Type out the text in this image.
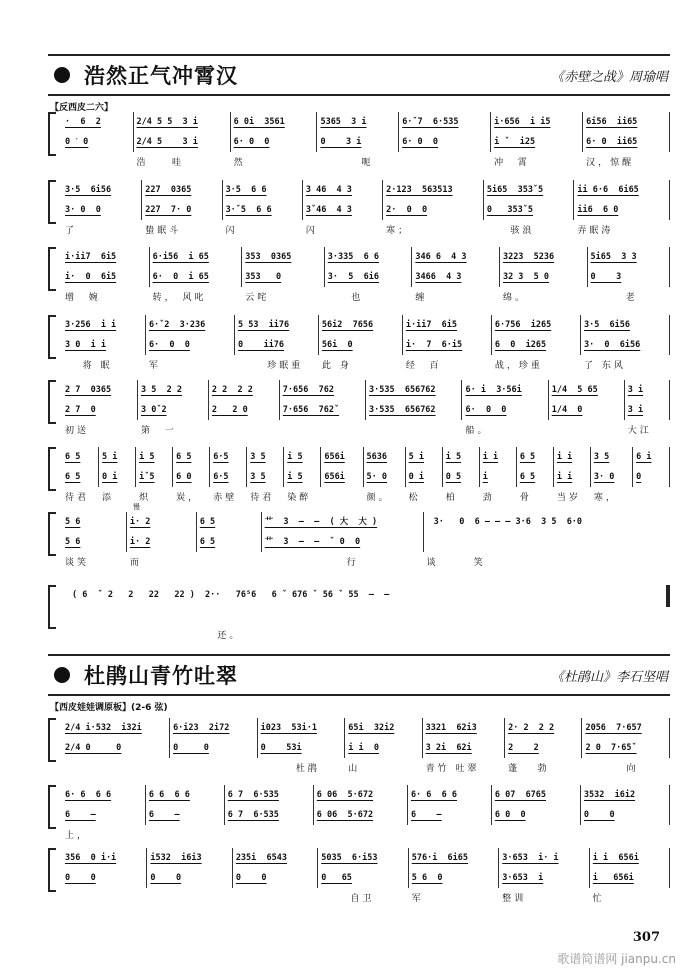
浩然正气冲霄汉	《赤壁之战》周瑜唱
【反西皮二六】
·  6  2
0 ˊ 0
2/4 5 5  3 i
2/4 5    3 i
浩    哇
6 0i  3561
6· 0  0
然
5365  3 i
0    3 i
呃
6·ˇ7  6·535
6· 0  0
i·656  i i5
i ˇ  i25
冲  霄
6i56  ii65
6· 0  ii65
汉，惊醒
3·5  6i56
3· 0  0
了
227  0365
227  7· 0
蛰眠斗
3·5  6 6
3·ˇ5  6 6
闪
3 46  4 3
3ˇ46  4 3
闪
2·123  563513
2·  0  0
寒；
5i65  353ˇ5
0   353ˇ5
骇浪
ii 6·6  6i65
ii6  6 0
弄眠涛
i·ii7  6i5
i·  0  6i5
增  婉
6·i56  i 65
6·  0  i 65
转， 风叱
353  0365
353   0
云咤
3·335  6 6
3·  5  6i6
也
346 6  4 3
3466  4 3
缠
3223  5236
32 3  5 0
绵。
5i65  3 3
0    3
老
3·256  i i
3 0  i i
将 眠
6·ˇ2  3·236
6·  0  0
军
5 53  ii76
0    ii76
珍眠重
56i2  7656
56i  0
此 身
i·ii7  6i5
i·  7  6·i5
经  百
6·756  i265
6  0  i265
战，珍重
3·5  6i56
3·  0  6i56
了 东风
2 7  0365
2 7  0
初送
3 5  2 2
3 0ˇ2
第  一
2 2  2 2
2   2 0
7·656  762
7·656  762ˇ
3·535  656762
3·535  656762
6· i  3·56i
6·  0  0
船。
1/4  5 65
1/4  0
3 i
3 i
大江
6 5
6 5
待君
5 i
0 i
添
i 5
iˇ5
炽
6 5
6 0
炭，
6·5
6·5
赤壁
3 5
3 5
待君
i 5
i 5
染醉
656i
656i
5636
5· 0
颜。
5 i
0 i
松
i 5
0 5
柏
i i
i
劲
6 5
6 5
骨
i i
i i
当岁
3 5
3· 0
寒，
6 i
0
5 6
5 6
谈笑
慢
i· 2
i· 2
而
6 5
6 5
艹  3  –  –  ( 大  大 )
艹  3  –  –  ˇ 0  0
行
3·   0  6 – – – 3·6  3 5  6·0
谈      笑
( 6  ˇ 2   2   22   22 )  2··   76⁵6   6 ˇ 676 ˇ 56 ˇ 55  –  –
还。
杜鹃山青竹吐翠	《杜鹃山》李石坚唱
【西皮娃娃调原板】(2-6 弦)
2/4 i·532  i32i
2/4 0     0
6·i23  2i72
0     0
i023  53i·1
0    53i
杜鹃
65i  32i2
i i  0
山
3321  62i3
3 2i  62i
青竹 吐翠
2· 2  2 2
2    2
蓬   勃
2056  7·657
2 0  7·65ˇ
向
6· 6  6 6
6    –
上，
6 6  6 6
6    –
6 7  6·535
6 7  6·535
6 06  5·672
6 06  5·672
6· 6  6 6
6    –
6 07  6765
6 0  0
3532  i6i2
0    0
356  0 i·i
0    0
i532  i6i3
0    0
235i  6543
0    0
5035  6·i53
0   65
自卫
576·i  6i65
5 6  0
军
3·653  i· i
3·653  i
整训
i i  656i
i   656i
忙
307
歌谱简谱网 jianpu.cn
